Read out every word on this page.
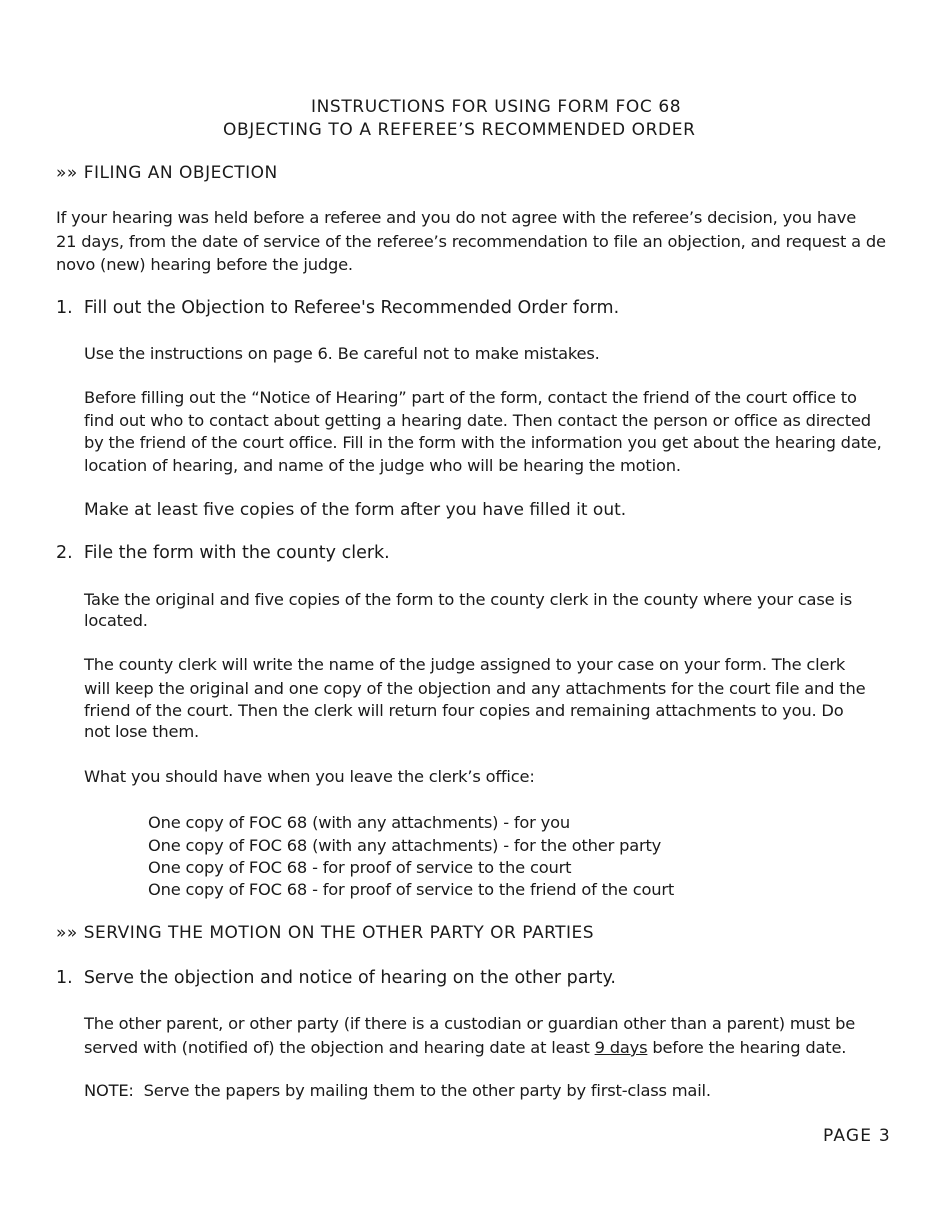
INSTRUCTIONS FOR USING FORM FOC 68
OBJECTING TO A REFEREE’S RECOMMENDED ORDER
»» FILING AN OBJECTION
If your hearing was held before a referee and you do not agree with the referee’s decision, you have
21 days, from the date of service of the referee’s recommendation to file an objection, and request a de
novo (new) hearing before the judge.
1.  Fill out the Objection to Referee's Recommended Order form.
Use the instructions on page 6. Be careful not to make mistakes.
Before filling out the “Notice of Hearing” part of the form, contact the friend of the court office to
find out who to contact about getting a hearing date. Then contact the person or office as directed
by the friend of the court office. Fill in the form with the information you get about the hearing date,
location of hearing, and name of the judge who will be hearing the motion.
Make at least five copies of the form after you have filled it out.
2.  File the form with the county clerk.
Take the original and five copies of the form to the county clerk in the county where your case is
located.
The county clerk will write the name of the judge assigned to your case on your form. The clerk
will keep the original and one copy of the objection and any attachments for the court file and the
friend of the court. Then the clerk will return four copies and remaining attachments to you. Do
not lose them.
What you should have when you leave the clerk’s office:
One copy of FOC 68 (with any attachments) - for you
One copy of FOC 68 (with any attachments) - for the other party
One copy of FOC 68 - for proof of service to the court
One copy of FOC 68 - for proof of service to the friend of the court
»» SERVING THE MOTION ON THE OTHER PARTY OR PARTIES
1.  Serve the objection and notice of hearing on the other party.
The other parent, or other party (if there is a custodian or guardian other than a parent) must be
served with (notified of) the objection and hearing date at least 9 days before the hearing date.
NOTE:  Serve the papers by mailing them to the other party by first-class mail.
PAGE 3
